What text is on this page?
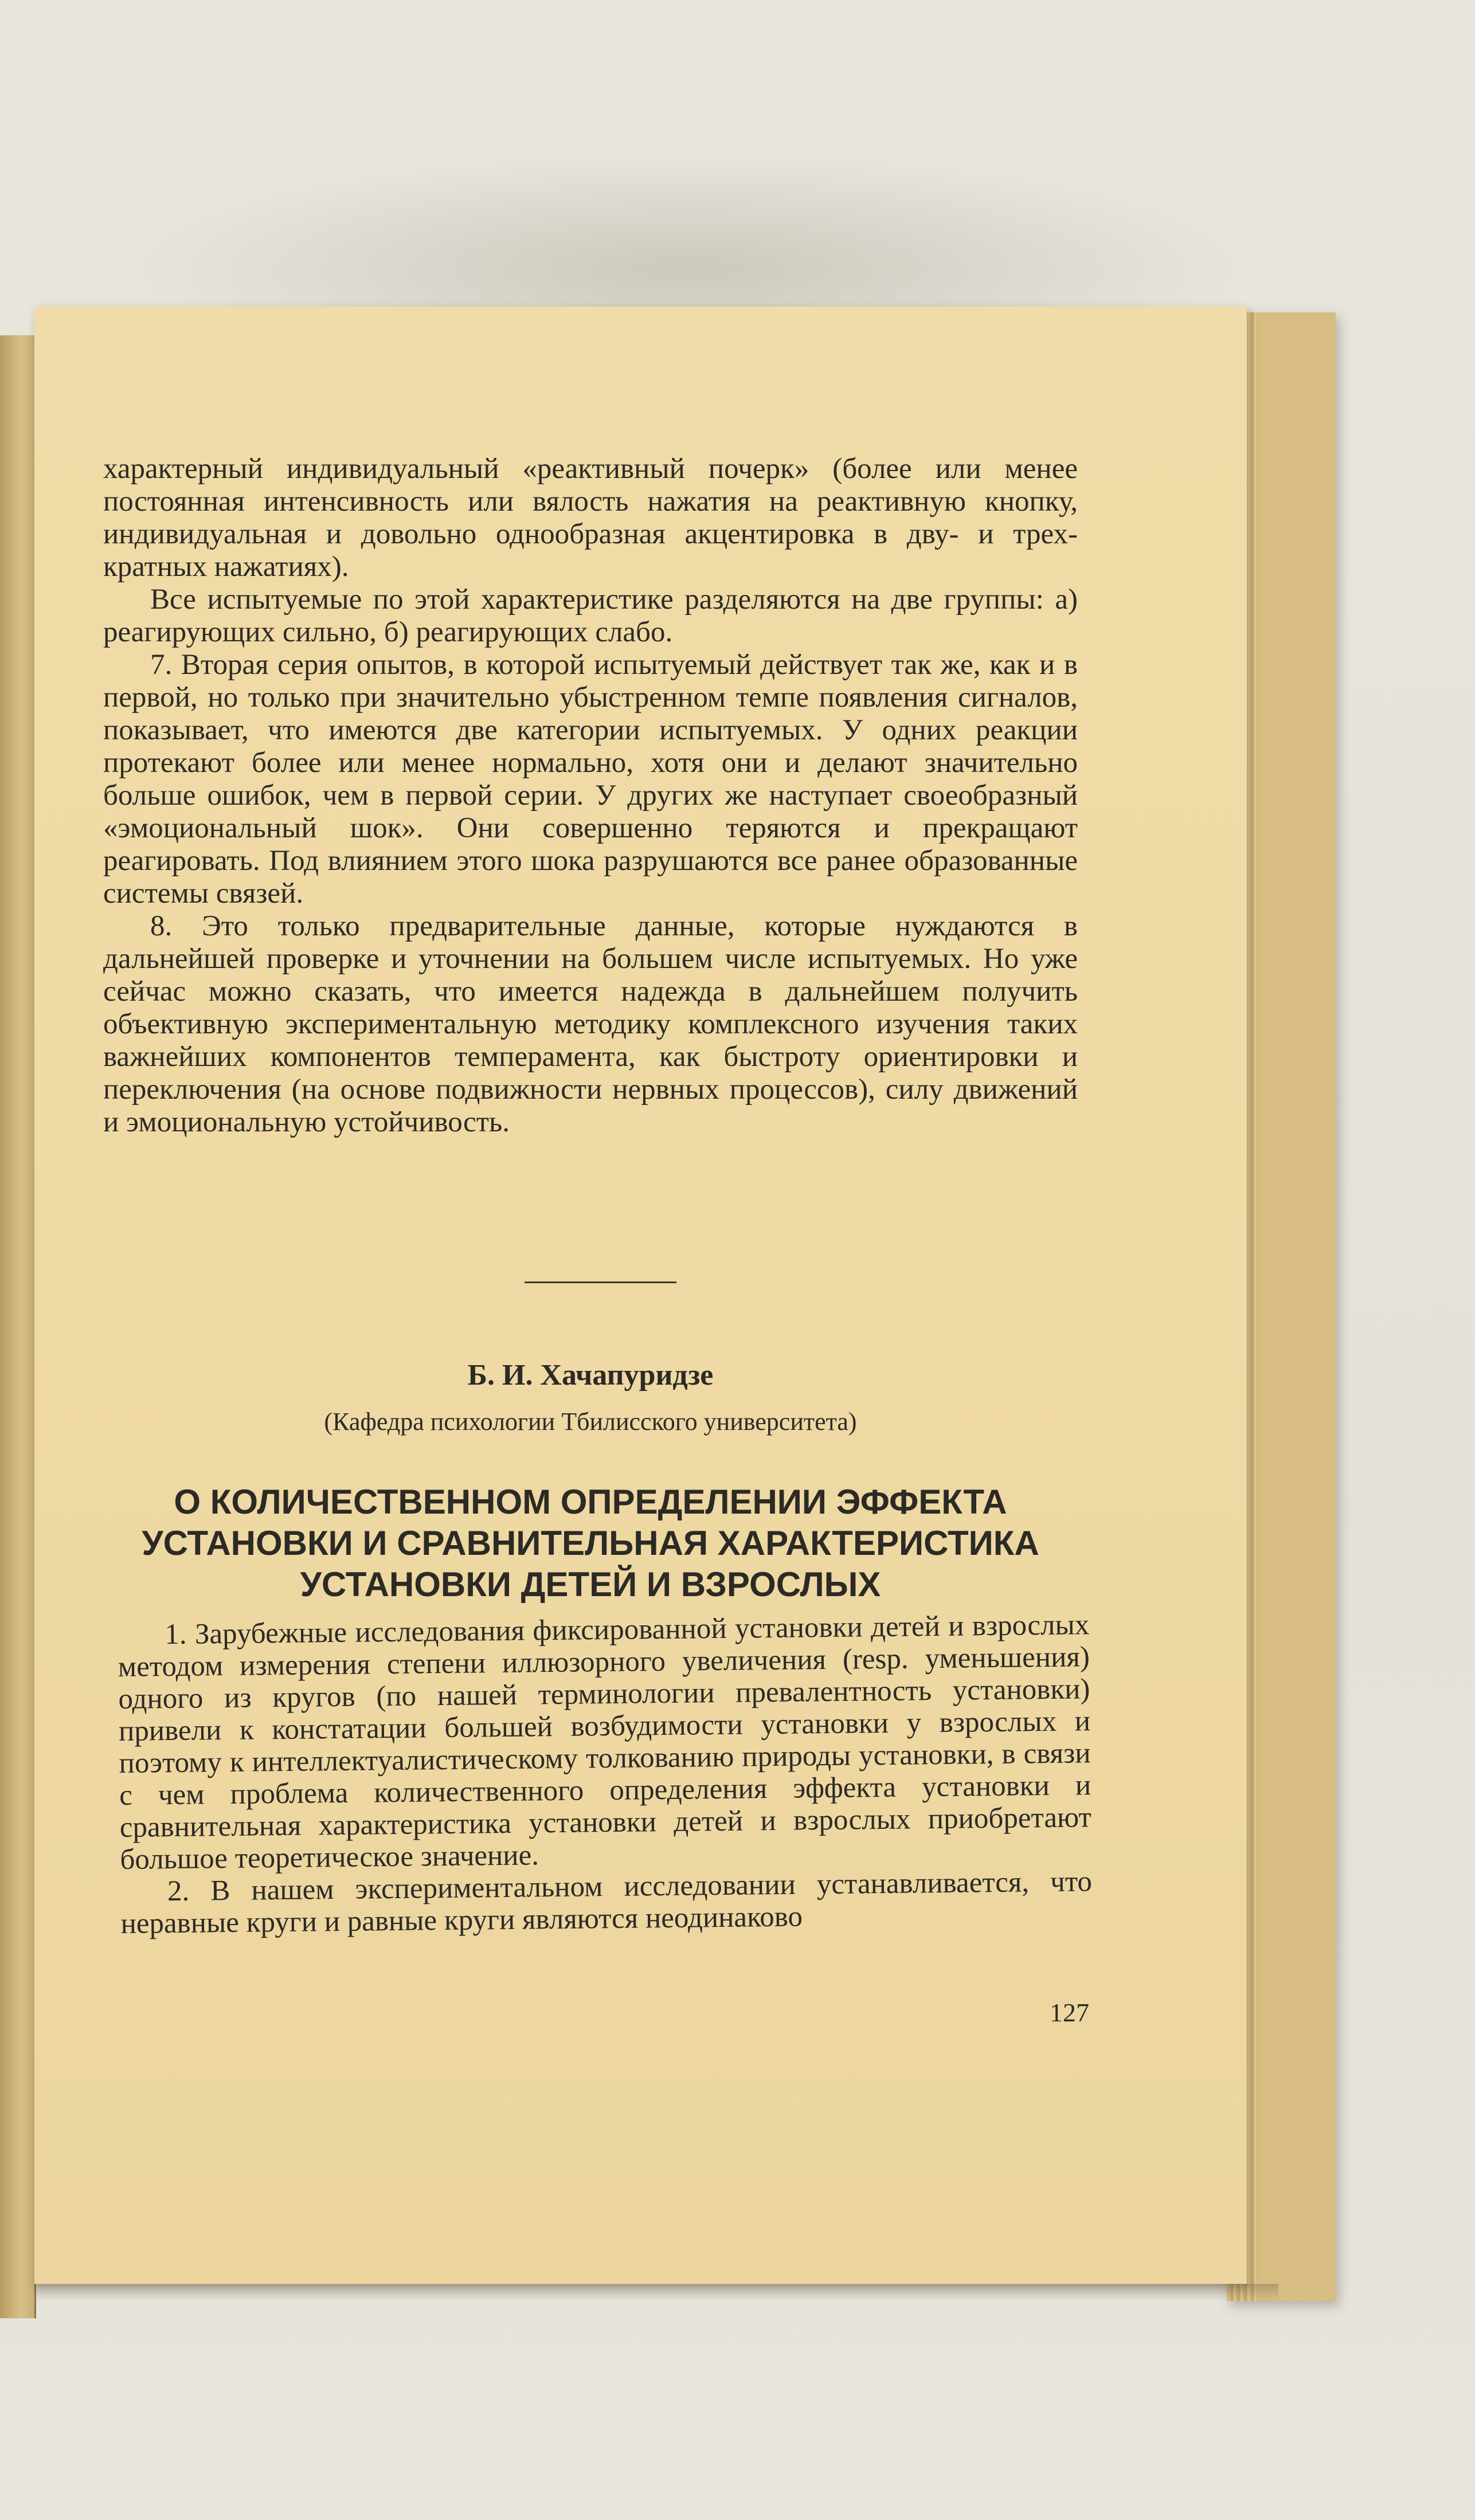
характерный индивидуальный «реактивный почерк» (более или менее постоянная интенсивность или вялость нажатия на реактивную кнопку, индивидуальная и довольно однообразная акцентировка в дву- и трех-кратных нажатиях).

Все испытуемые по этой характеристике разделяются на две группы: а) реагирующих сильно, б) реагирующих слабо.

7. Вторая серия опытов, в которой испытуемый действует так же, как и в первой, но только при значительно убыстренном темпе появления сигналов, показывает, что имеются две категории испытуемых. У одних реакции протекают более или менее нормально, хотя они и делают значительно больше ошибок, чем в первой серии. У других же наступает своеобразный «эмоциональный шок». Они совершенно теряются и прекращают реагировать. Под влиянием этого шока разрушаются все ранее образованные системы связей.

8. Это только предварительные данные, которые нуждаются в дальнейшей проверке и уточнении на большем числе испытуемых. Но уже сейчас можно сказать, что имеется надежда в дальнейшем получить объективную экспериментальную методику комплексного изучения таких важнейших компонентов темперамента, как быстроту ориентировки и переключения (на основе подвижности нервных процессов), силу движений и эмоциональную устойчивость.

Б. И. Хачапуридзе
(Кафедра психологии Тбилисского университета)
О КОЛИЧЕСТВЕННОМ ОПРЕДЕЛЕНИИ ЭФФЕКТА
УСТАНОВКИ И СРАВНИТЕЛЬНАЯ ХАРАКТЕРИСТИКА
УСТАНОВКИ ДЕТЕЙ И ВЗРОСЛЫХ

1. Зарубежные исследования фиксированной установки детей и взрослых методом измерения степени иллюзорного увеличения (resp. уменьшения) одного из кругов (по нашей терминологии превалентность установки) привели к констатации большей возбудимости установки у взрослых и поэтому к интеллектуалистическому толкованию природы установки, в связи с чем проблема количественного определения эффекта установки и сравнительная характеристика установки детей и взрослых приобретают большое теоретическое значение.

2. В нашем экспериментальном исследовании устанавливается, что неравные круги и равные круги являются неодинаково

127
